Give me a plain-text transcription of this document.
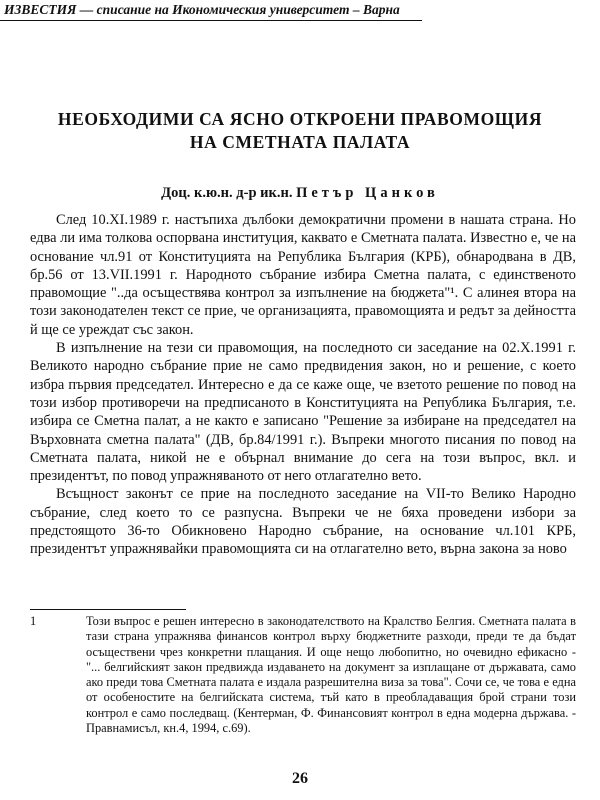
ИЗВЕСТИЯ — списание на Икономическия университет – Варна
НЕОБХОДИМИ СА ЯСНО ОТКРОЕНИ ПРАВОМОЩИЯ
НА СМЕТНАТА ПАЛАТА
Доц. к.ю.н. д-р ик.н. Петър Цанков

След 10.XI.1989 г. настъпиха дълбоки демократични промени в нашата страна. Но едва ли има толкова оспорвана институция, каквато е Сметната палата. Известно е, че на основание чл.91 от Конституцията на Република България (КРБ), обнародвана в ДВ, бр.56 от 13.VII.1991 г. Народното събрание избира Сметна палата, с единственото правомощие "..да осъществява контрол за изпълнение на бюджета"¹. С алинея втора на този законодателен текст се прие, че организацията, правомощията и редът за дейността й ще се уреждат със закон.

В изпълнение на тези си правомощия, на последното си заседание на 02.X.1991 г. Великото народно събрание прие не само предвидения закон, но и решение, с което избра първия председател. Интересно е да се каже още, че взетото решение по повод на този избор противоречи на предписаното в Конституцията на Република България, т.е. избира се Сметна палат, а не както е записано "Решение за избиране на председател на Върховната сметна палата" (ДВ, бр.84/1991 г.). Въпреки многото писания по повод на Сметната палата, никой не е обърнал внимание до сега на този въпрос, вкл. и президентът, по повод упражняваното от него отлагателно вето.

Всъщност законът се прие на последното заседание на VII-то Велико Народно събрание, след което то се разпусна. Въпреки че не бяха проведени избори за предстоящото 36-то Обикновено Народно събрание, на основание чл.101 КРБ, президентът упражнявайки правомощията си на отлагателно вето, върна закона за ново

1	Този въпрос е решен интересно в законодателството на Кралство Белгия. Сметната палата в тази страна упражнява финансов контрол върху бюджетните разходи, преди те да бъдат осъществени чрез конкретни плащания. И още нещо любопитно, но очевидно ефикасно - "... белгийският закон предвижда издаването на документ за изплащане от държавата, само ако преди това Сметната палата е издала разрешителна виза за това". Сочи се, че това е една от особеностите на белгийската система, тъй като в преобладаващия брой страни този контрол е само последващ. (Кентерман, Ф. Финансовият контрол в една модерна държава. - Правнамисъл, кн.4, 1994, с.69).
26
